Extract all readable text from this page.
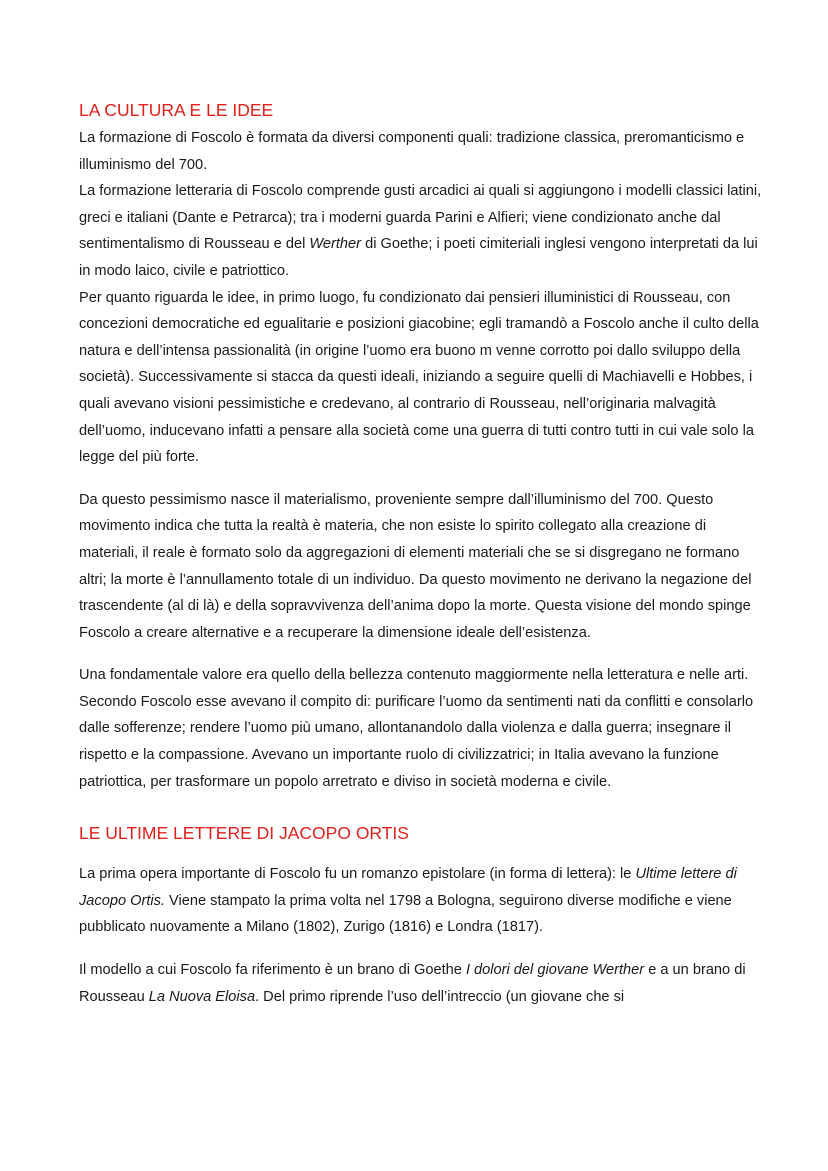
LA CULTURA E LE IDEE

La formazione di Foscolo è formata da diversi componenti quali: tradizione classica, preromanticismo e illuminismo del 700.

La formazione letteraria di Foscolo comprende gusti arcadici ai quali si aggiungono i modelli classici latini, greci e italiani (Dante e Petrarca); tra i moderni guarda Parini e Alfieri; viene condizionato anche dal sentimentalismo di Rousseau e del Werther di Goethe; i poeti cimiteriali inglesi vengono interpretati da lui in modo laico, civile e patriottico.

Per quanto riguarda le idee, in primo luogo, fu condizionato dai pensieri illuministici di Rousseau, con concezioni democratiche ed egualitarie e posizioni giacobine; egli tramandò a Foscolo anche il culto della natura e dell’intensa passionalità (in origine l’uomo era buono m venne corrotto poi dallo sviluppo della società). Successivamente si stacca da questi ideali, iniziando a seguire quelli di Machiavelli e Hobbes, i quali avevano visioni pessimistiche e credevano, al contrario di Rousseau, nell’originaria malvagità dell’uomo, inducevano infatti a pensare alla società come una guerra di tutti contro tutti in cui vale solo la legge del più forte.

Da questo pessimismo nasce il materialismo, proveniente sempre dall’illuminismo del 700. Questo movimento indica che tutta la realtà è materia, che non esiste lo spirito collegato alla creazione di materiali, il reale è formato solo da aggregazioni di elementi materiali che se si disgregano ne formano altri; la morte è l’annullamento totale di un individuo. Da questo movimento ne derivano la negazione del trascendente (al di là) e della sopravvivenza dell’anima dopo la morte. Questa visione del mondo spinge Foscolo a creare alternative e a recuperare la dimensione ideale dell’esistenza.

Una fondamentale valore era quello della bellezza contenuto maggiormente nella letteratura e nelle arti. Secondo Foscolo esse avevano il compito di: purificare l’uomo da sentimenti nati da conflitti e consolarlo dalle sofferenze; rendere l’uomo più umano, allontanandolo dalla violenza e dalla guerra; insegnare il rispetto e la compassione. Avevano un importante ruolo di civilizzatrici; in Italia avevano la funzione patriottica, per trasformare un popolo arretrato e diviso in società moderna e civile.

LE ULTIME LETTERE DI JACOPO ORTIS

La prima opera importante di Foscolo fu un romanzo epistolare (in forma di lettera): le Ultime lettere di Jacopo Ortis. Viene stampato la prima volta nel 1798 a Bologna, seguirono diverse modifiche e viene pubblicato nuovamente a Milano (1802), Zurigo (1816) e Londra (1817).

Il modello a cui Foscolo fa riferimento è un brano di Goethe I dolori del giovane Werther e a un brano di Rousseau La Nuova Eloisa. Del primo riprende l’uso dell’intreccio (un giovane che si
